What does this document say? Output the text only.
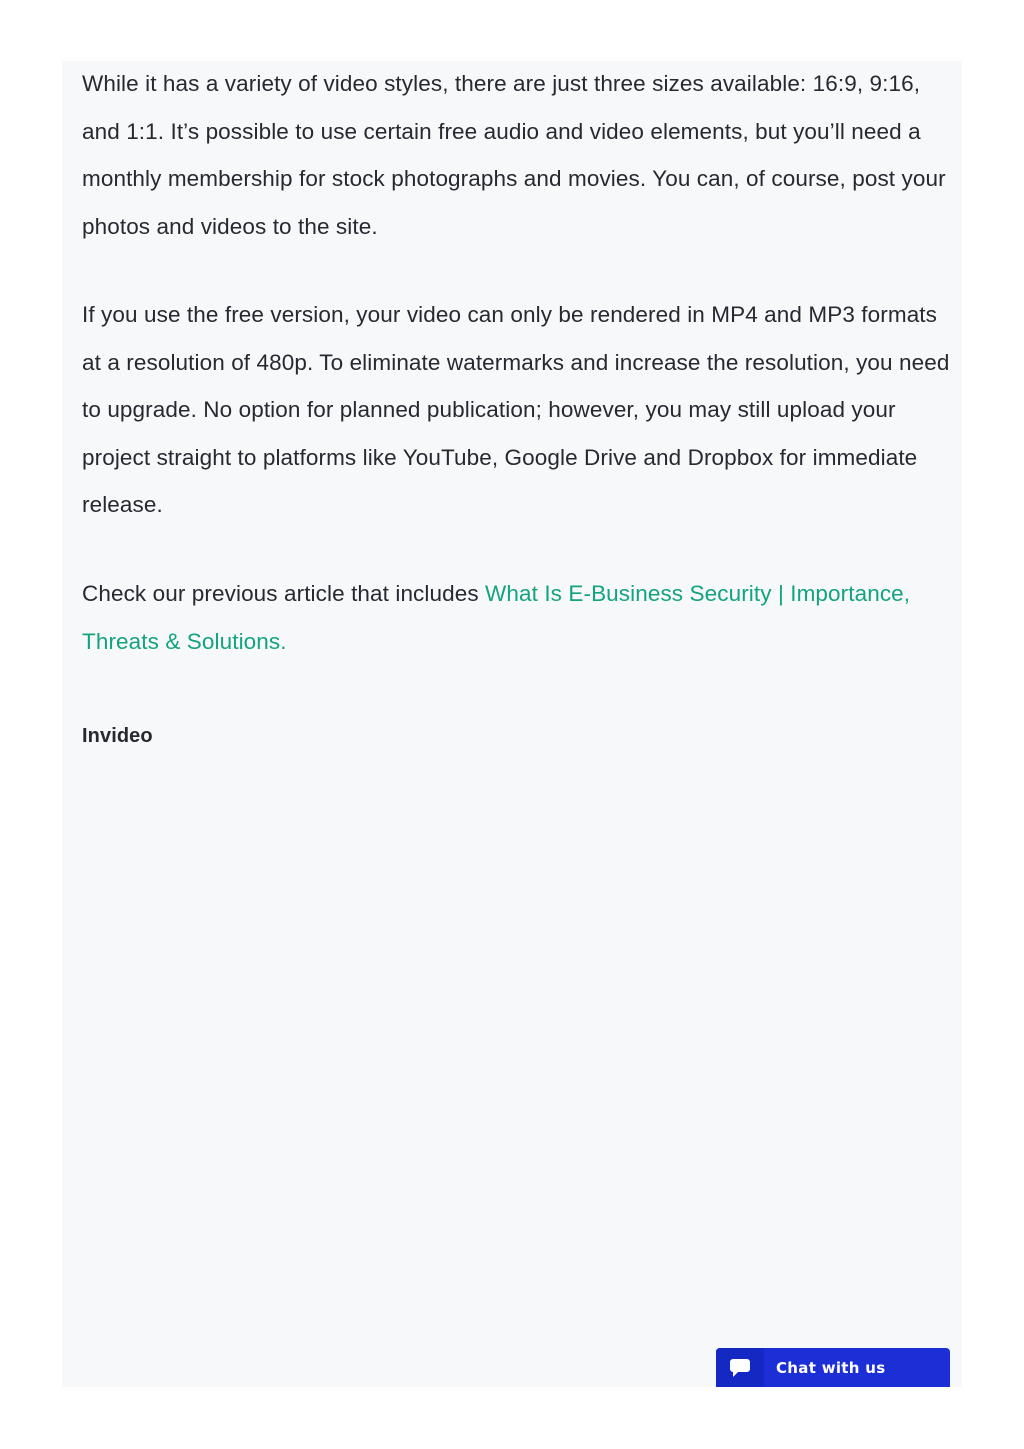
While it has a variety of video styles, there are just three sizes available: 16:9, 9:16, and 1:1. It’s possible to use certain free audio and video elements, but you’ll need a monthly membership for stock photographs and movies. You can, of course, post your photos and videos to the site.

If you use the free version, your video can only be rendered in MP4 and MP3 formats at a resolution of 480p. To eliminate watermarks and increase the resolution, you need to upgrade. No option for planned publication; however, you may still upload your project straight to platforms like YouTube, Google Drive and Dropbox for immediate release.

Check our previous article that includes What Is E-Business Security | Importance, Threats & Solutions.

Invideo
Chat with us
